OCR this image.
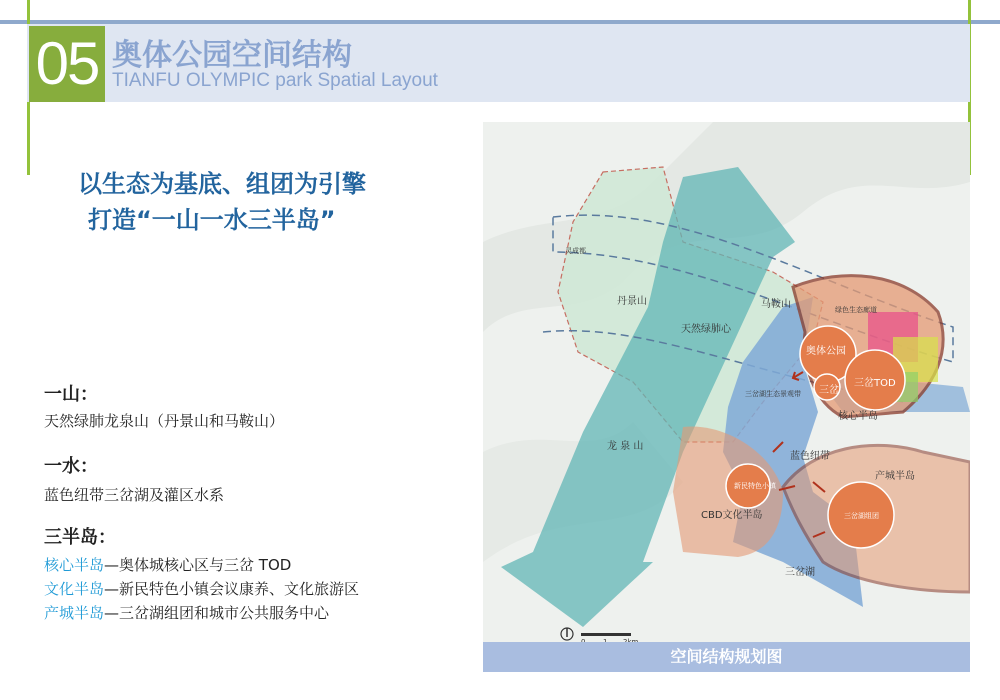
05 奥体公园空间结构
TIANFU OLYMPIC park Spatial Layout
以生态为基底、组团为引擎
打造“一山一水三半岛”
一山：
天然绿肺龙泉山（丹景山和马鞍山）
一水：
蓝色纽带三岔湖及灌区水系
三半岛：
核心半岛—奥体城核心区与三岔 TOD
文化半岛—新民特色小镇会议康养、文化旅游区
产城半岛—三岔湖组团和城市公共服务中心
灵成都
丹景山
天然绿肺心
马鞍山
龙 泉 山
绿色生态廊道
三岔湖生态景观带
奥体公园
三岔
三岔TOD
核心半岛
蓝色纽带
新民特色小镇
CBD文化半岛
产城半岛
三岔湖组团
三岔湖
空间结构规划图
